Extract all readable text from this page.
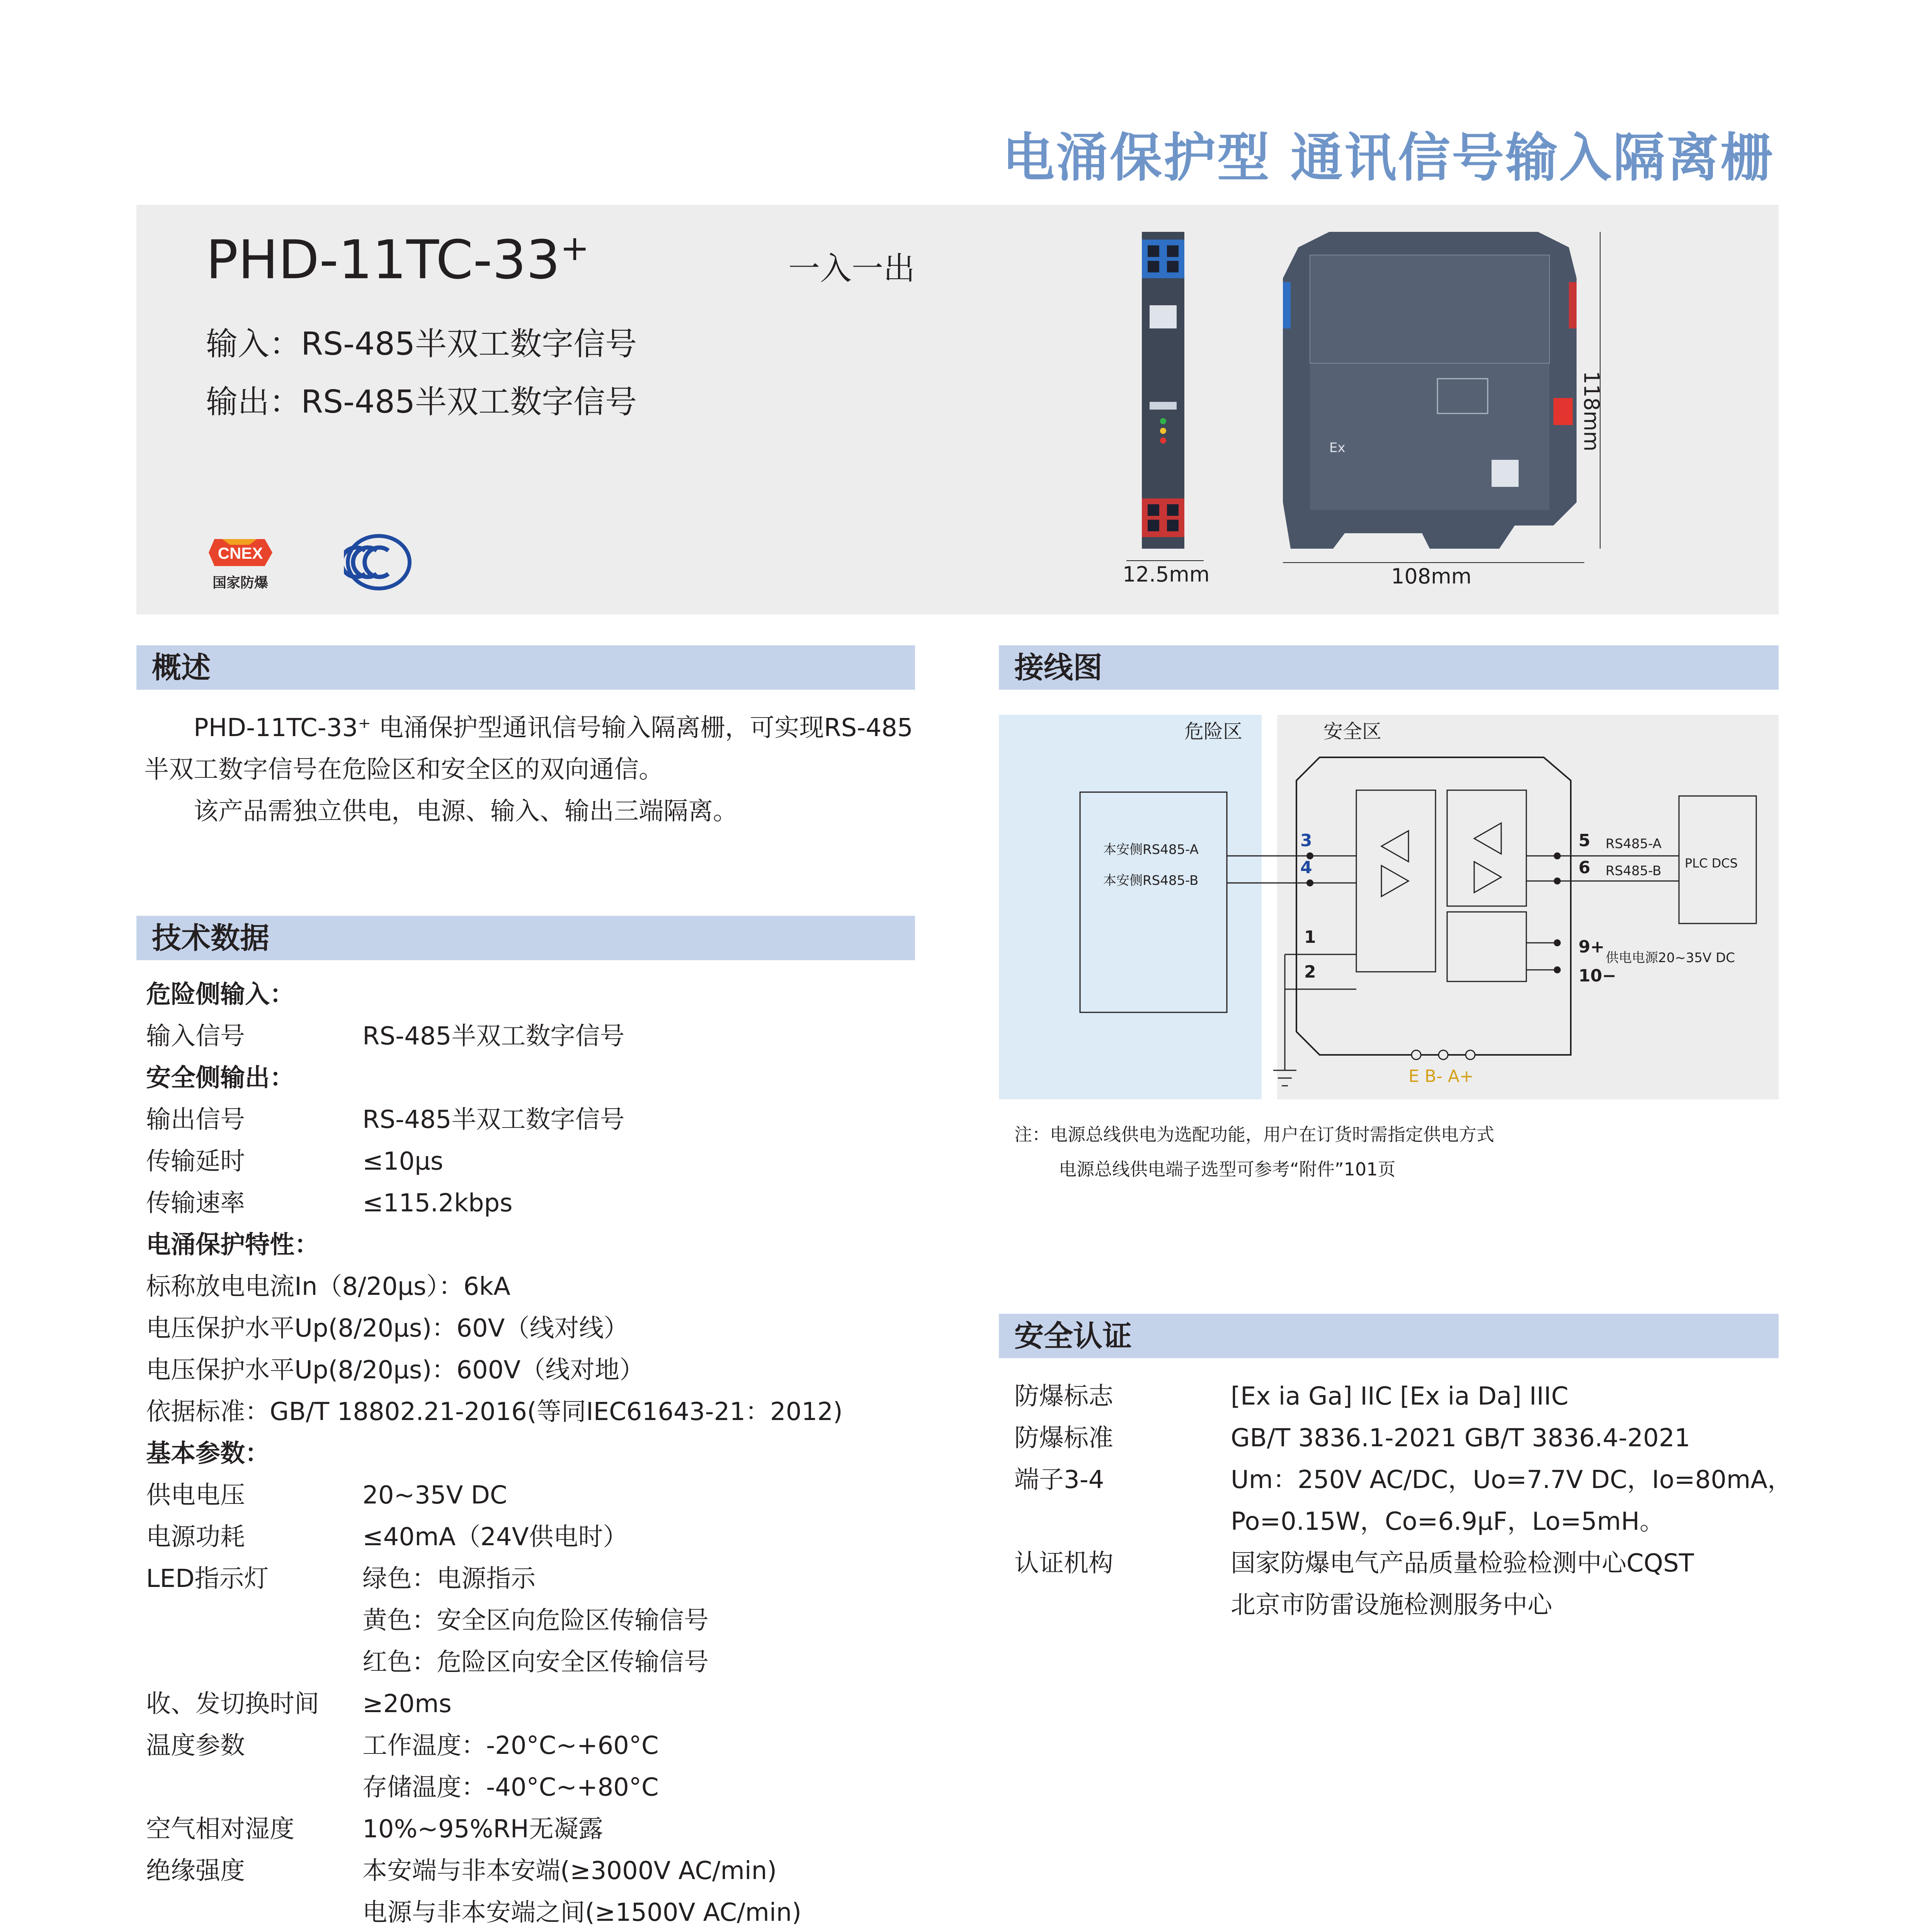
电涌保护型 通讯信号输入隔离栅
PHD-11TC-33+
一入一出
输入：RS-485半双工数字信号
输出：RS-485半双工数字信号
CNEX
国家防爆	12.5mm
Ex
108mm
118mm
概述
PHD-11TC-33⁺ 电涌保护型通讯信号输入隔离栅，可实现RS-485半双工数字信号在危险区和安全区的双向通信。
该产品需独立供电，电源、输入、输出三端隔离。
技术数据
危险侧输入：
输入信号	RS-485半双工数字信号
安全侧输出：
输出信号	RS-485半双工数字信号
传输延时	≤10μs
传输速率	≤115.2kbps
电涌保护特性：
标称放电电流In（8/20μs）：6kA
电压保护水平Up(8/20μs)：60V（线对线）
电压保护水平Up(8/20μs)：600V（线对地）
依据标准：GB/T 18802.21-2016(等同IEC61643-21：2012)
基本参数：
供电电压	20~35V DC
电源功耗	≤40mA（24V供电时）
LED指示灯	绿色：电源指示
黄色：安全区向危险区传输信号
红色：危险区向安全区传输信号
收、发切换时间 ≥20ms
温度参数	工作温度：-20°C~+60°C
存储温度：-40°C~+80°C
空气相对湿度	10%~95%RH无凝露
绝缘强度	本安端与非本安端(≥3000V AC/min)
电源与非本安端之间(≥1500V AC/min)
接线图
危险区	安全区
本安侧RS485-A
本安侧RS485-B
3
4
5
6
RS485-A
RS485-B PLC DCS
供电电源20~35V DC
9+
10−
1
2
E B- A+
注：电源总线供电为选配功能，用户在订货时需指定供电方式
电源总线供电端子选型可参考“附件”101页
安全认证
防爆标志	[Ex ia Ga] IIC [Ex ia Da] IIIC
防爆标准	GB/T 3836.1-2021 GB/T 3836.4-2021
端子3-4	Um：250V AC/DC，Uo=7.7V DC，Io=80mA，
Po=0.15W，Co=6.9μF，Lo=5mH。
认证机构	国家防爆电气产品质量检验检测中心CQST
北京市防雷设施检测服务中心
